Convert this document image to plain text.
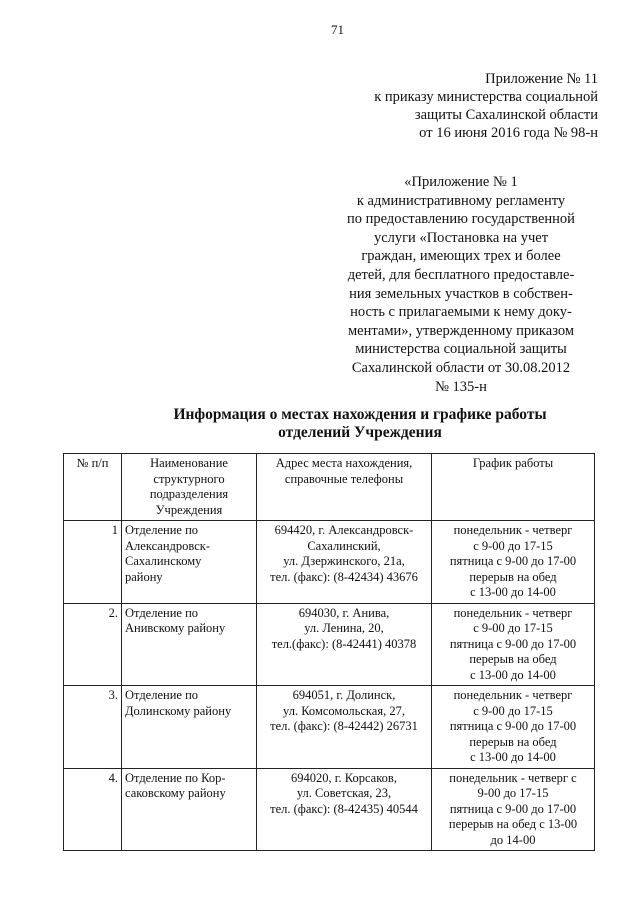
71
Приложение № 11
к приказу министерства социальной
защиты Сахалинской области
от 16 июня 2016 года № 98-н
«Приложение № 1
к административному регламенту
по предоставлению государственной
услуги «Постановка на учет
граждан, имеющих трех и более
детей, для бесплатного предоставле-
ния земельных участков в собствен-
ность с прилагаемыми к нему доку-
ментами», утвержденному приказом
министерства социальной защиты
Сахалинской области от 30.08.2012
№ 135-н
Информация о местах нахождения и графике работы
отделений Учреждения
№ п/п	Наименование
структурного
подразделения
Учреждения	Адрес места нахождения,
справочные телефоны	График работы
1	Отделение по
Александровск-
Сахалинскому
району	694420, г. Александровск-
Сахалинский,
ул. Дзержинского, 21а,
тел. (факс): (8-42434) 43676	понедельник - четверг
с 9-00 до 17-15
пятница с 9-00 до 17-00
перерыв на обед
с 13-00 до 14-00

2.	Отделение по
Анивскому району	694030, г. Анива,
ул. Ленина, 20,
тел.(факс): (8-42441) 40378	понедельник - четверг
с 9-00 до 17-15
пятница с 9-00 до 17-00
перерыв на обед
с 13-00 до 14-00

3.	Отделение по
Долинскому району	694051, г. Долинск,
ул. Комсомольская, 27,
тел. (факс): (8-42442) 26731	понедельник - четверг
с 9-00 до 17-15
пятница с 9-00 до 17-00
перерыв на обед
с 13-00 до 14-00

4.	Отделение по Кор-
саковскому району	694020, г. Корсаков,
ул. Советская, 23,
тел. (факс): (8-42435) 40544	понедельник - четверг с
9-00 до 17-15
пятница с 9-00 до 17-00
перерыв на обед с 13-00
до 14-00
